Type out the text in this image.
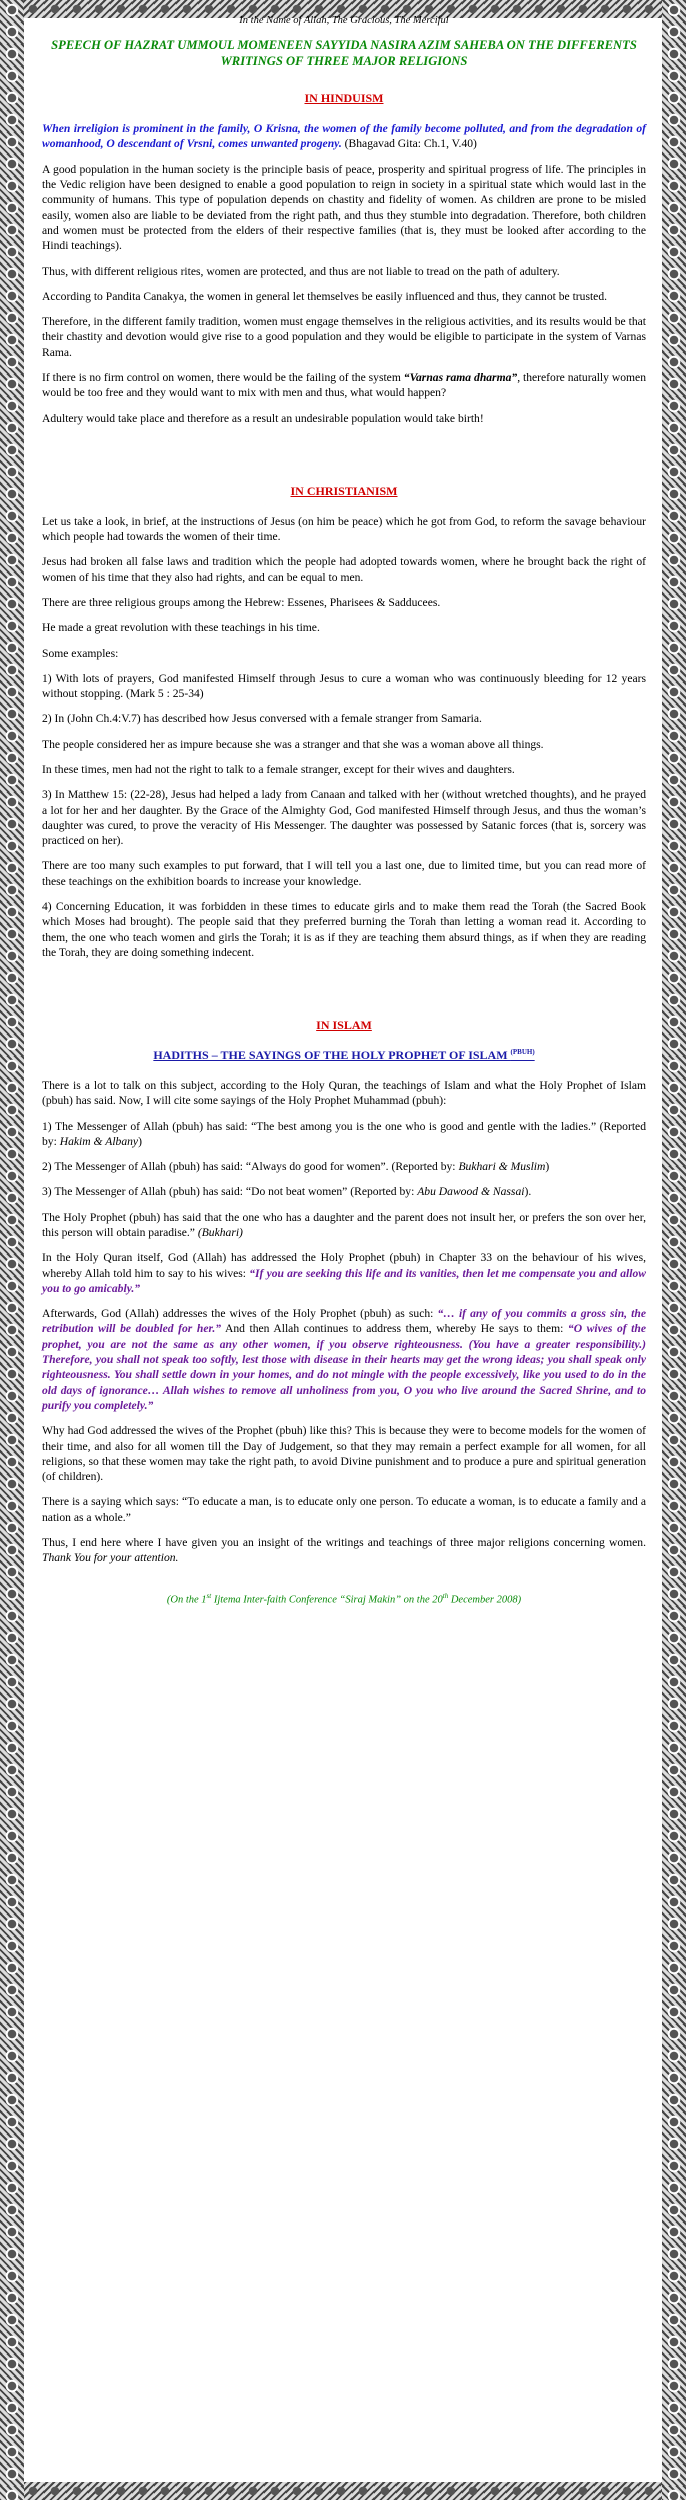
In the Name of Allah, The Gracious, The Merciful
SPEECH OF HAZRAT UMMOUL MOMENEEN SAYYIDA NASIRA AZIM SAHEBA ON THE DIFFERENTS WRITINGS OF THREE MAJOR RELIGIONS
IN HINDUISM

When irreligion is prominent in the family, O Krisna, the women of the family become polluted, and from the degradation of womanhood, O descendant of Vrsni, comes unwanted progeny. (Bhagavad Gita: Ch.1, V.40)

A good population in the human society is the principle basis of peace, prosperity and spiritual progress of life. The principles in the Vedic religion have been designed to enable a good population to reign in society in a spiritual state which would last in the community of humans. This type of population depends on chastity and fidelity of women. As children are prone to be misled easily, women also are liable to be deviated from the right path, and thus they stumble into degradation. Therefore, both children and women must be protected from the elders of their respective families (that is, they must be looked after according to the Hindi teachings).

Thus, with different religious rites, women are protected, and thus are not liable to tread on the path of adultery.

According to Pandita Canakya, the women in general let themselves be easily influenced and thus, they cannot be trusted.

Therefore, in the different family tradition, women must engage themselves in the religious activities, and its results would be that their chastity and devotion would give rise to a good population and they would be eligible to participate in the system of Varnas Rama.

If there is no firm control on women, there would be the failing of the system “Varnas rama dharma”, therefore naturally women would be too free and they would want to mix with men and thus, what would happen?

Adultery would take place and therefore as a result an undesirable population would take birth!

IN CHRISTIANISM

Let us take a look, in brief, at the instructions of Jesus (on him be peace) which he got from God, to reform the savage behaviour which people had towards the women of their time.

Jesus had broken all false laws and tradition which the people had adopted towards women, where he brought back the right of women of his time that they also had rights, and can be equal to men.

There are three religious groups among the Hebrew: Essenes, Pharisees & Sadducees.

He made a great revolution with these teachings in his time.

Some examples:

1) With lots of prayers, God manifested Himself through Jesus to cure a woman who was continuously bleeding for 12 years without stopping. (Mark 5 : 25-34)

2) In (John Ch.4:V.7) has described how Jesus conversed with a female stranger from Samaria.

The people considered her as impure because she was a stranger and that she was a woman above all things.

In these times, men had not the right to talk to a female stranger, except for their wives and daughters.

3) In Matthew 15: (22-28), Jesus had helped a lady from Canaan and talked with her (without wretched thoughts), and he prayed a lot for her and her daughter. By the Grace of the Almighty God, God manifested Himself through Jesus, and thus the woman’s daughter was cured, to prove the veracity of His Messenger. The daughter was possessed by Satanic forces (that is, sorcery was practiced on her).

There are too many such examples to put forward, that I will tell you a last one, due to limited time, but you can read more of these teachings on the exhibition boards to increase your knowledge.

4) Concerning Education, it was forbidden in these times to educate girls and to make them read the Torah (the Sacred Book which Moses had brought). The people said that they preferred burning the Torah than letting a woman read it. According to them, the one who teach women and girls the Torah; it is as if they are teaching them absurd things, as if when they are reading the Torah, they are doing something indecent.

IN ISLAM
HADITHS – THE SAYINGS OF THE HOLY PROPHET OF ISLAM $^{(PBUH)}$

There is a lot to talk on this subject, according to the Holy Quran, the teachings of Islam and what the Holy Prophet of Islam (pbuh) has said. Now, I will cite some sayings of the Holy Prophet Muhammad (pbuh):

1) The Messenger of Allah (pbuh) has said: “The best among you is the one who is good and gentle with the ladies.” (Reported by: Hakim & Albany)

2) The Messenger of Allah (pbuh) has said: “Always do good for women”. (Reported by: Bukhari & Muslim)

3) The Messenger of Allah (pbuh) has said: “Do not beat women” (Reported by: Abu Dawood & Nassai).

The Holy Prophet (pbuh) has said that the one who has a daughter and the parent does not insult her, or prefers the son over her, this person will obtain paradise.” (Bukhari)

In the Holy Quran itself, God (Allah) has addressed the Holy Prophet (pbuh) in Chapter 33 on the behaviour of his wives, whereby Allah told him to say to his wives: “If you are seeking this life and its vanities, then let me compensate you and allow you to go amicably.”

Afterwards, God (Allah) addresses the wives of the Holy Prophet (pbuh) as such: “… if any of you commits a gross sin, the retribution will be doubled for her.” And then Allah continues to address them, whereby He says to them: “O wives of the prophet, you are not the same as any other women, if you observe righteousness. (You have a greater responsibility.) Therefore, you shall not speak too softly, lest those with disease in their hearts may get the wrong ideas; you shall speak only righteousness. You shall settle down in your homes, and do not mingle with the people excessively, like you used to do in the old days of ignorance… Allah wishes to remove all unholiness from you, O you who live around the Sacred Shrine, and to purify you completely.”

Why had God addressed the wives of the Prophet (pbuh) like this? This is because they were to become models for the women of their time, and also for all women till the Day of Judgement, so that they may remain a perfect example for all women, for all religions, so that these women may take the right path, to avoid Divine punishment and to produce a pure and spiritual generation (of children).

There is a saying which says: “To educate a man, is to educate only one person. To educate a woman, is to educate a family and a nation as a whole.”

Thus, I end here where I have given you an insight of the writings and teachings of three major religions concerning women. Thank You for your attention.

(On the 1st Ijtema Inter-faith Conference “Siraj Makin” on the 20th December 2008)
